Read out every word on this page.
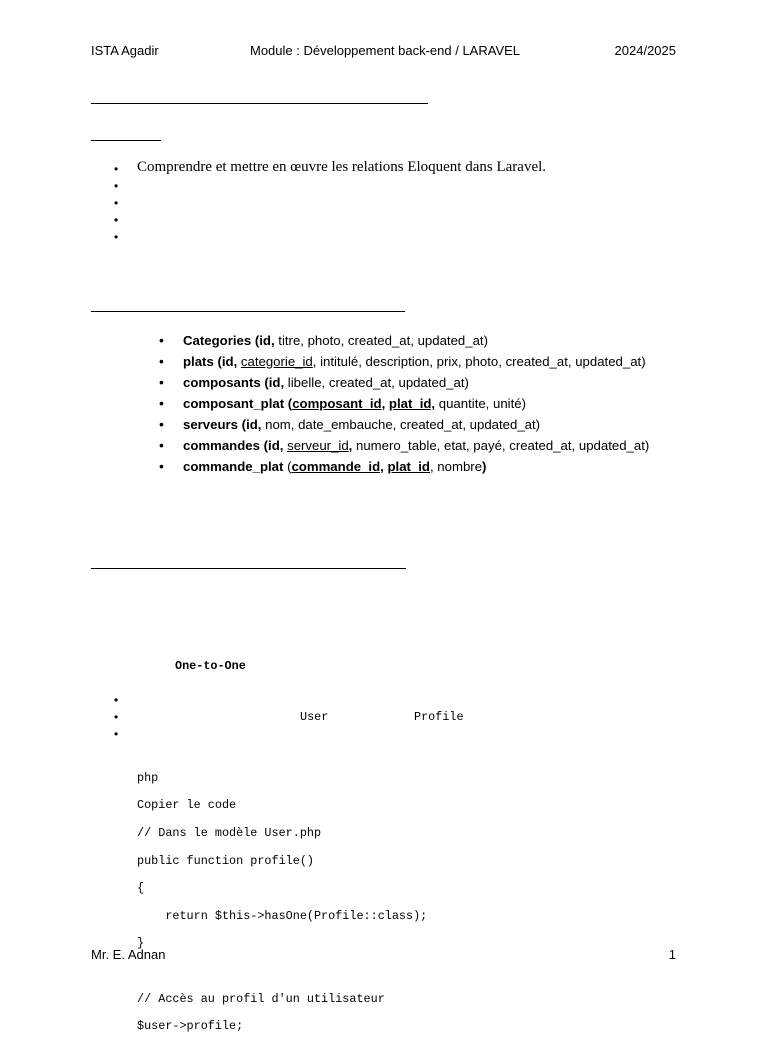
ISTA Agadir	Module : Développement back-end / LARAVEL	2024/2025
• Comprendre et mettre en œuvre les relations Eloquent dans Laravel.
•
•
•
•
• Categories (id, titre, photo, created_at, updated_at)
• plats (id, categorie_id, intitulé, description, prix, photo, created_at, updated_at)
• composants (id, libelle, created_at, updated_at)
• composant_plat (composant_id, plat_id, quantite, unité)
• serveurs (id, nom, date_embauche, created_at, updated_at)
• commandes (id, serveur_id, numero_table, etat, payé, created_at, updated_at)
• commande_plat (commande_id, plat_id, nombre)
One-to-One
•
•	User	Profile
•

php

Copier le code

// Dans le modèle User.php

public function profile()

{

return $this->hasOne(Profile::class);

}

// Accès au profil d'un utilisateur

$user->profile;

Mr. E. Adnan	1
